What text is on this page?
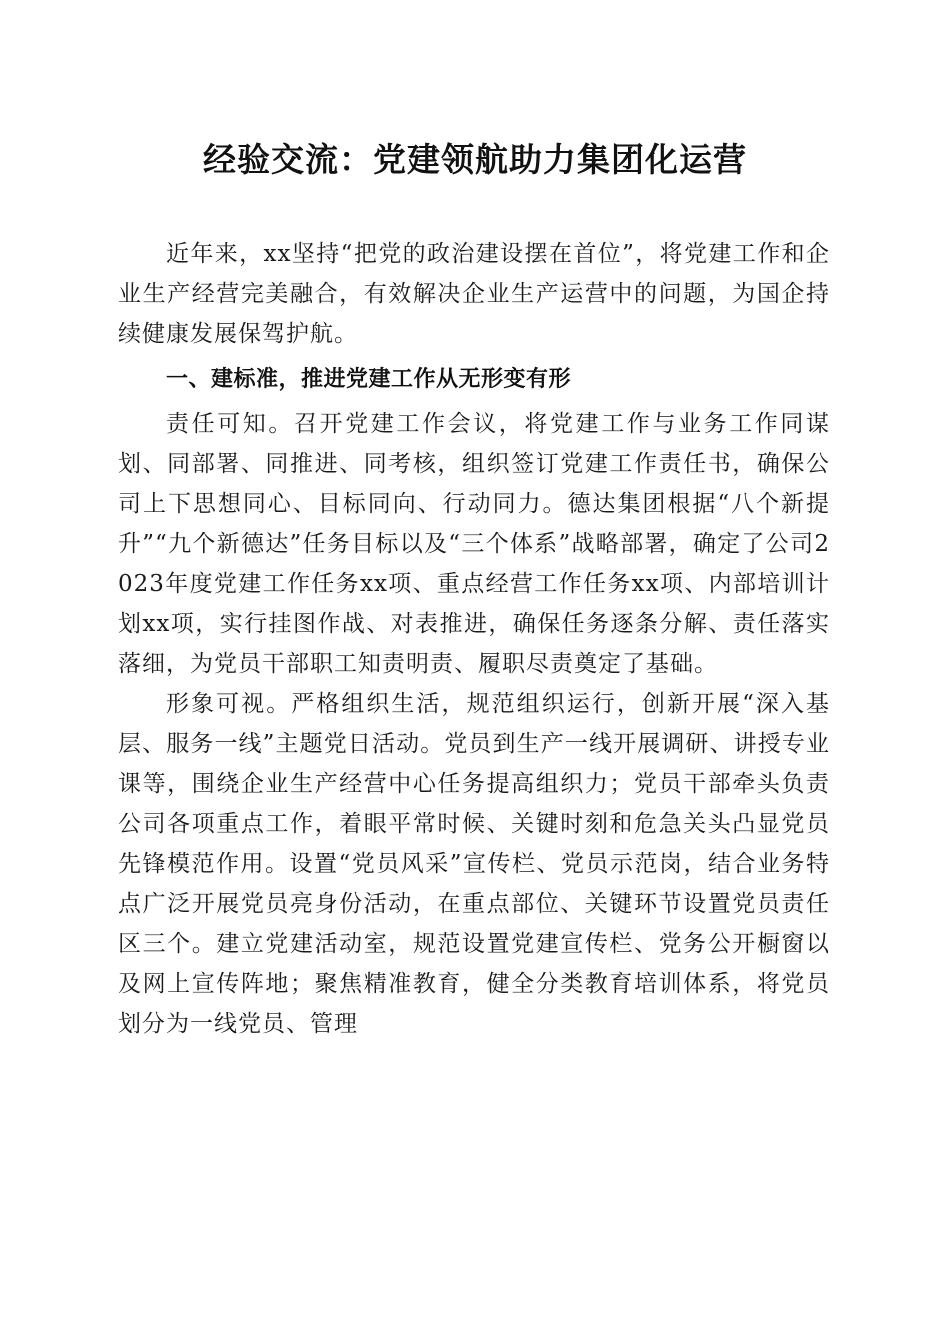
经验交流：党建领航助力集团化运营

近年来，xx坚持“把党的政治建设摆在首位”，将党建工作和企业生产经营完美融合，有效解决企业生产运营中的问题，为国企持续健康发展保驾护航。

一、建标准，推进党建工作从无形变有形

责任可知。召开党建工作会议，将党建工作与业务工作同谋划、同部署、同推进、同考核，组织签订党建工作责任书，确保公司上下思想同心、目标同向、行动同力。德达集团根据“八个新提升”“九个新德达”任务目标以及“三个体系”战略部署，确定了公司2023年度党建工作任务xx项、重点经营工作任务xx项、内部培训计划xx项，实行挂图作战、对表推进，确保任务逐条分解、责任落实落细，为党员干部职工知责明责、履职尽责奠定了基础。

形象可视。严格组织生活，规范组织运行，创新开展“深入基层、服务一线”主题党日活动。党员到生产一线开展调研、讲授专业课等，围绕企业生产经营中心任务提高组织力；党员干部牵头负责公司各项重点工作，着眼平常时候、关键时刻和危急关头凸显党员先锋模范作用。设置“党员风采”宣传栏、党员示范岗，结合业务特点广泛开展党员亮身份活动，在重点部位、关键环节设置党员责任区三个。建立党建活动室，规范设置党建宣传栏、党务公开橱窗以及网上宣传阵地；聚焦精准教育，健全分类教育培训体系，将党员划分为一线党员、管理
